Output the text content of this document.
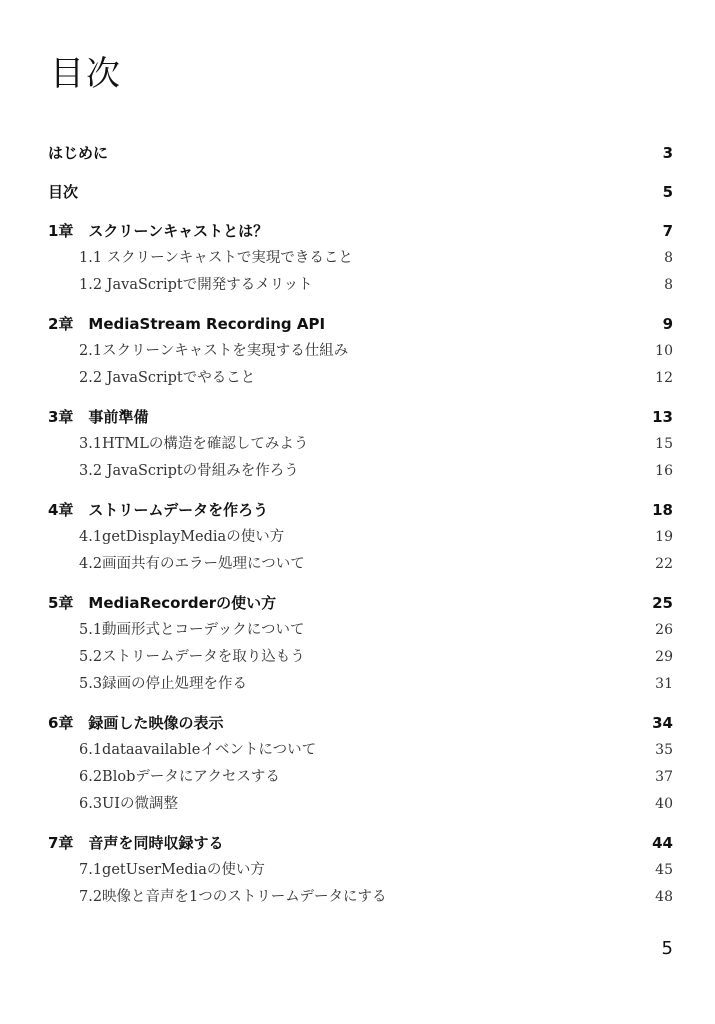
目次
はじめに	3
目次	5
1章　スクリーンキャストとは？	7
1.1 スクリーンキャストで実現できること	8
1.2 JavaScriptで開発するメリット	8
2章　MediaStream Recording API	9
2.1スクリーンキャストを実現する仕組み	10
2.2 JavaScriptでやること	12
3章　事前準備	13
3.1HTMLの構造を確認してみよう	15
3.2 JavaScriptの骨組みを作ろう	16
4章　ストリームデータを作ろう	18
4.1getDisplayMediaの使い方	19
4.2画面共有のエラー処理について	22
5章　MediaRecorderの使い方	25
5.1動画形式とコーデックについて	26
5.2ストリームデータを取り込もう	29
5.3録画の停止処理を作る	31
6章　録画した映像の表示	34
6.1dataavailableイベントについて	35
6.2Blobデータにアクセスする	37
6.3UIの微調整	40
7章　音声を同時収録する	44
7.1getUserMediaの使い方	45
7.2映像と音声を1つのストリームデータにする	48
5
